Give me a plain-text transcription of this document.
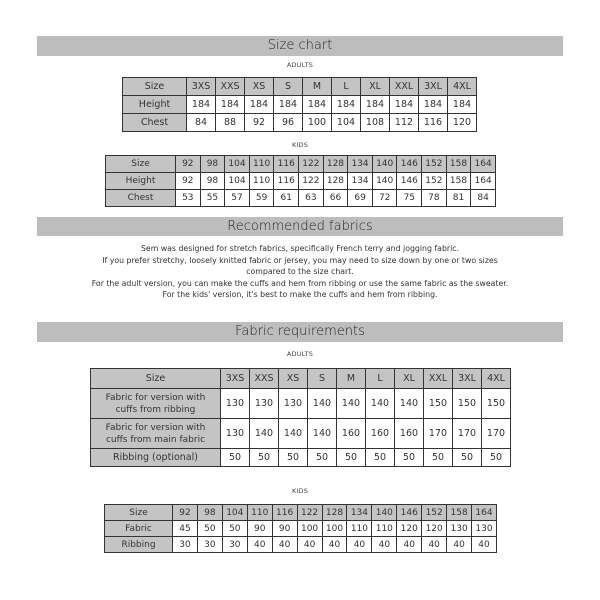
Size chart
ADULTS
Size	3XS	XXS	XS	S	M	L	XL	XXL	3XL	4XL
Height	184	184	184	184	184	184	184	184	184	184
Chest	84	88	92	96	100	104	108	112	116	120
KIDS
Size	92	98	104	110	116	122	128	134	140	146	152	158	164
Height	92	98	104	110	116	122	128	134	140	146	152	158	164
Chest	53	55	57	59	61	63	66	69	72	75	78	81	84
Recommended fabrics
Sem was designed for stretch fabrics, specifically French terry and jogging fabric.
If you prefer stretchy, loosely knitted fabric or jersey, you may need to size down by one or two sizes
compared to the size chart.
For the adult version, you can make the cuffs and hem from ribbing or use the same fabric as the sweater.
For the kids' version, it's best to make the cuffs and hem from ribbing.
Fabric requirements
ADULTS
Size	3XS	XXS	XS	S	M	L	XL	XXL	3XL	4XL
Fabric for version with cuffs from ribbing	130	130	130	140	140	140	140	150	150	150
Fabric for version with cuffs from main fabric	130	140	140	140	160	160	160	170	170	170
Ribbing (optional)	50	50	50	50	50	50	50	50	50	50
KIDS
Size	92	98	104	110	116	122	128	134	140	146	152	158	164
Fabric	45	50	50	90	90	100	100	110	110	120	120	130	130
Ribbing	30	30	30	40	40	40	40	40	40	40	40	40	40
